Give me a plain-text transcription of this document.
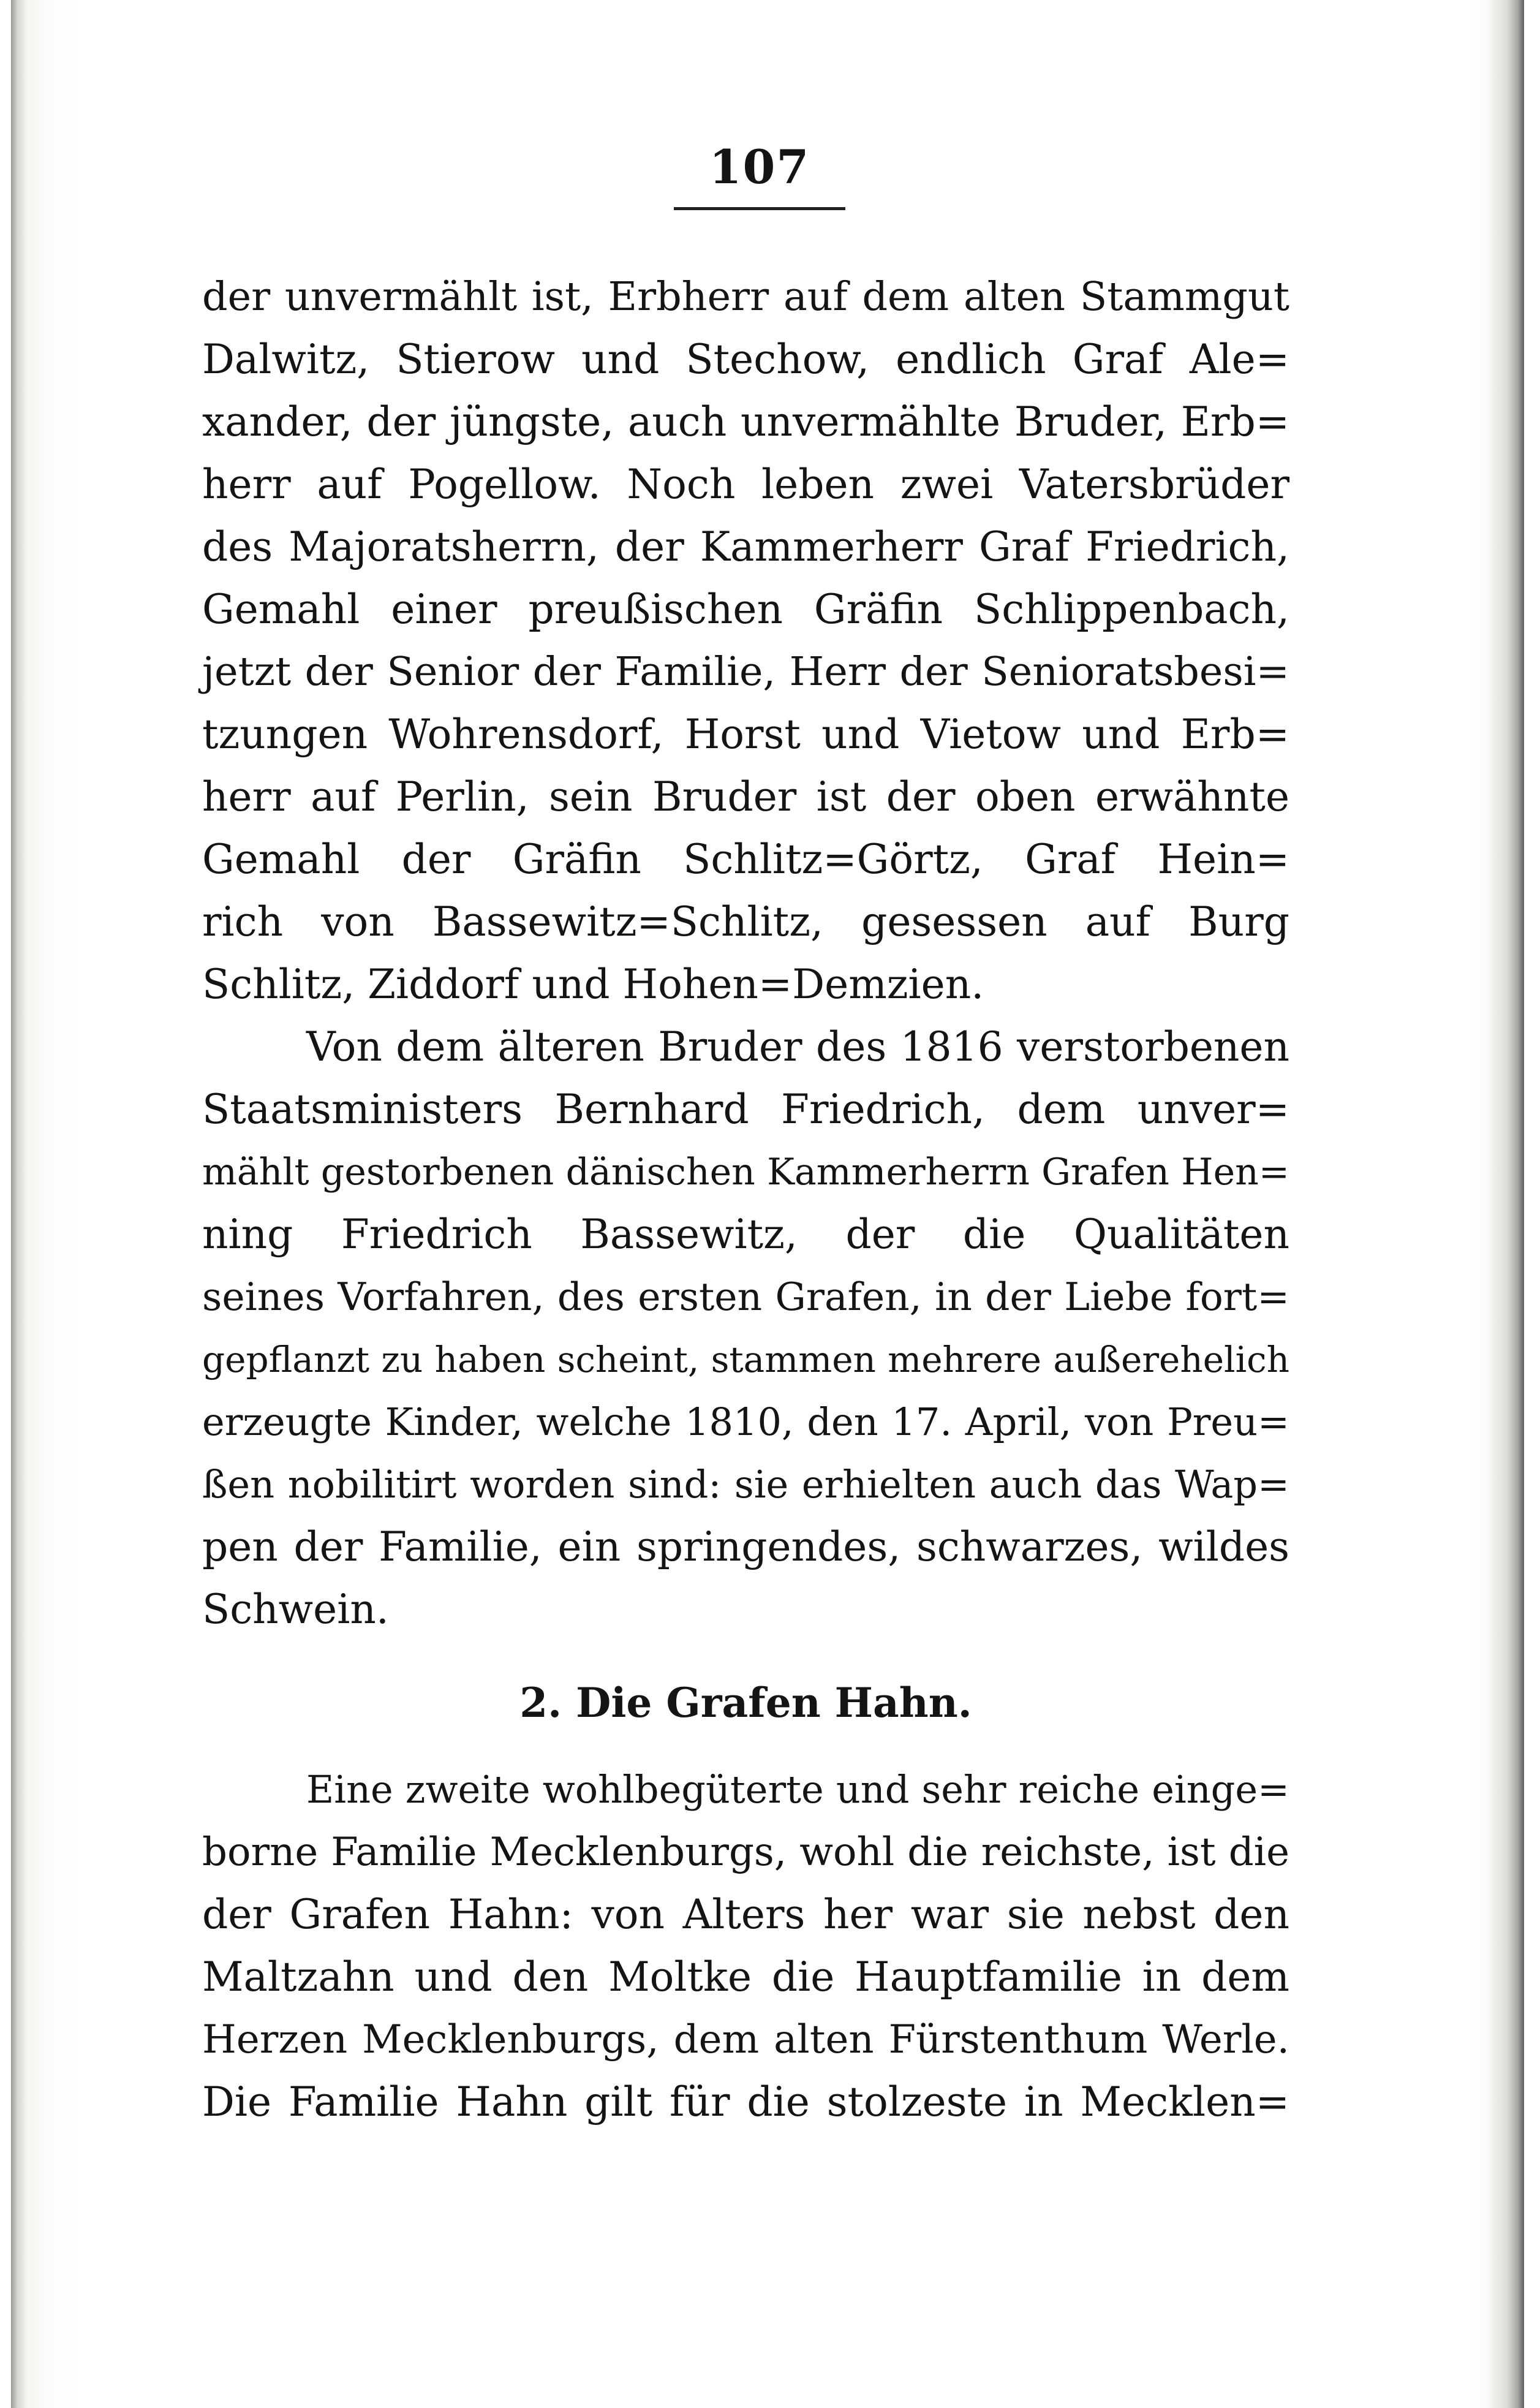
107
der unvermählt ist, Erbherr auf dem alten Stammgut
Dalwitz, Stierow und Stechow, endlich Graf Ale=
xander, der jüngste, auch unvermählte Bruder, Erb=
herr auf Pogellow. Noch leben zwei Vatersbrüder
des Majoratsherrn, der Kammerherr Graf Friedrich,
Gemahl einer preußischen Gräfin Schlippenbach,
jetzt der Senior der Familie, Herr der Senioratsbesi=
tzungen Wohrensdorf, Horst und Vietow und Erb=
herr auf Perlin, sein Bruder ist der oben erwähnte
Gemahl der Gräfin Schlitz=Görtz, Graf Hein=
rich von Bassewitz=Schlitz, gesessen auf Burg
Schlitz, Ziddorf und Hohen=Demzien.
Von dem älteren Bruder des 1816 verstorbenen
Staatsministers Bernhard Friedrich, dem unver=
mählt gestorbenen dänischen Kammerherrn Grafen Hen=
ning Friedrich Bassewitz, der die Qualitäten
seines Vorfahren, des ersten Grafen, in der Liebe fort=
gepflanzt zu haben scheint, stammen mehrere außerehelich
erzeugte Kinder, welche 1810, den 17. April, von Preu=
ßen nobilitirt worden sind: sie erhielten auch das Wap=
pen der Familie, ein springendes, schwarzes, wildes
Schwein.
2. Die Grafen Hahn.
Eine zweite wohlbegüterte und sehr reiche einge=
borne Familie Mecklenburgs, wohl die reichste, ist die
der Grafen Hahn: von Alters her war sie nebst den
Maltzahn und den Moltke die Hauptfamilie in dem
Herzen Mecklenburgs, dem alten Fürstenthum Werle.
Die Familie Hahn gilt für die stolzeste in Mecklen=
